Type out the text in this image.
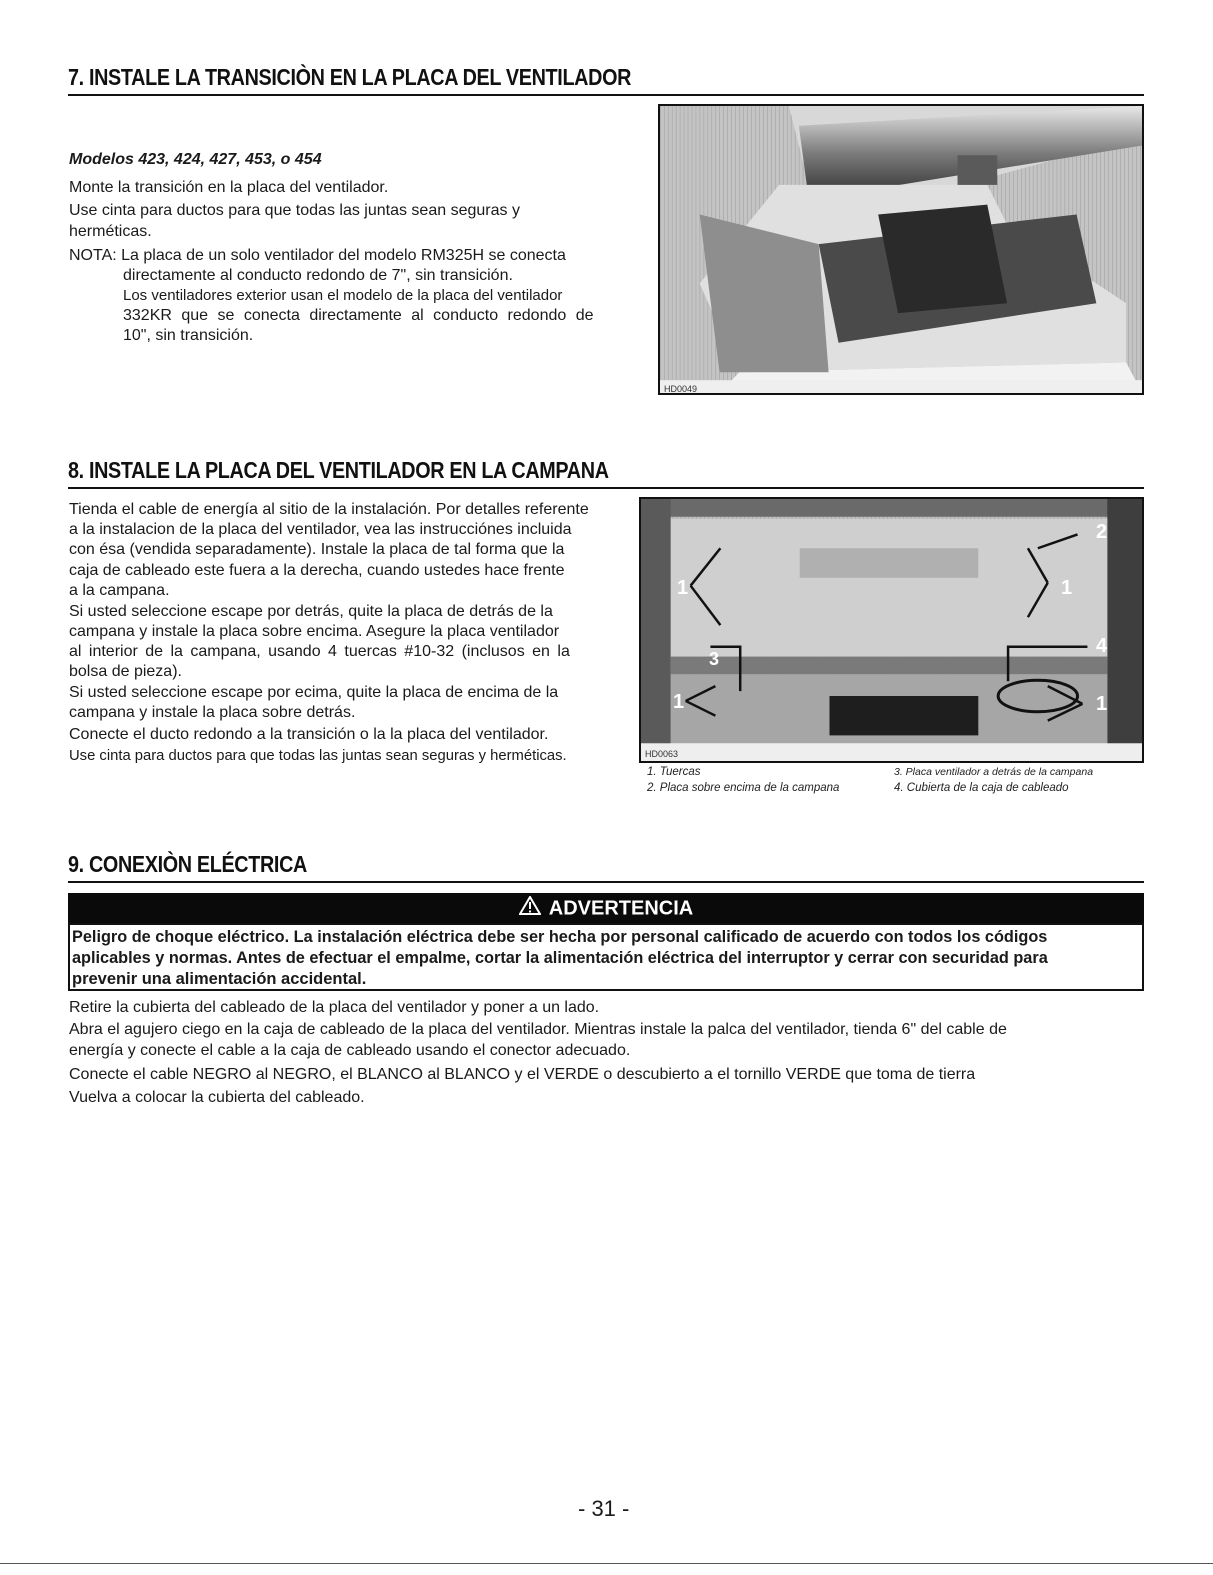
7. INSTALE LA TRANSICIÒN EN LA PLACA DEL VENTILADOR
Modelos 423, 424, 427, 453, o 454
Monte la transición en la placa del ventilador.
Use cinta para ductos para que todas las juntas sean seguras y
herméticas.
NOTA: La placa de un solo ventilador del modelo RM325H se conecta
directamente al conducto redondo de 7", sin transición.
Los ventiladores exterior usan el modelo de la placa del ventilador
332KR que se conecta directamente al conducto redondo de
10", sin transición.
HD0049
8. INSTALE LA PLACA DEL VENTILADOR EN LA CAMPANA
Tienda el cable de energía al sitio de la instalación. Por detalles referente
a la instalacion de la placa del ventilador, vea las instrucciónes incluida
con ésa (vendida separadamente). Instale la placa de tal forma que la
caja de cableado este fuera a la derecha, cuando ustedes hace frente
a la campana.
Si usted seleccione escape por detrás, quite la placa de detrás de la
campana y instale la placa sobre encima. Asegure la placa ventilador
al interior de la campana, usando 4 tuercas #10-32 (inclusos en la
bolsa de pieza).
Si usted seleccione escape por ecima, quite la placa de encima de la
campana y instale la placa sobre detrás.
Conecte el ducto redondo a la transición o la la placa del ventilador.
Use cinta para ductos para que todas las juntas sean seguras y herméticas.
1
2
1
3
4
1	1
HD0063
1. Tuercas	3. Placa ventilador a detrás de la campana
2. Placa sobre encima de la campana	4. Cubierta de la caja de cableado
9. CONEXIÒN ELÉCTRICA
ADVERTENCIA
Peligro de choque eléctrico. La instalación eléctrica debe ser hecha por personal calificado de acuerdo con todos los códigos
aplicables y normas. Antes de efectuar el empalme, cortar la alimentación eléctrica del interruptor y cerrar con securidad para
prevenir una alimentación accidental.
Retire la cubierta del cableado de la placa del ventilador y poner a un lado.
Abra el agujero ciego en la caja de cableado de la placa del ventilador. Mientras instale la palca del ventilador, tienda 6" del cable de
energía y conecte el cable a la caja de cableado usando el conector adecuado.
Conecte el cable NEGRO al NEGRO, el BLANCO al BLANCO y el VERDE o descubierto a el tornillo VERDE que toma de tierra
Vuelva a colocar la cubierta del cableado.
- 31 -
